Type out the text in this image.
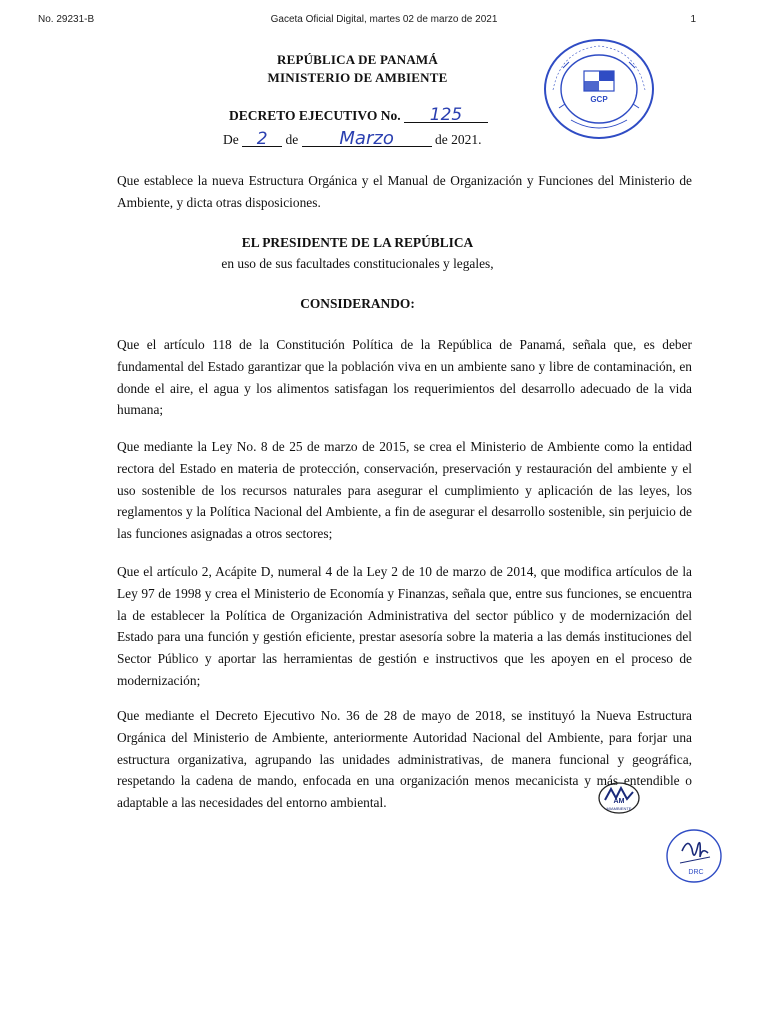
No. 29231-B	Gaceta Oficial Digital, martes 02 de marzo de 2021	1
REPÚBLICA DE PANAMÁ
MINISTERIO DE AMBIENTE
GCP
DECRETO EJECUTIVO No. 125
De 2 de Marzo	de 2021.
Que establece la nueva Estructura Orgánica y el Manual de Organización y Funciones del Ministerio de Ambiente, y dicta otras disposiciones.
EL PRESIDENTE DE LA REPÚBLICA
en uso de sus facultades constitucionales y legales,
CONSIDERANDO:
Que el artículo 118 de la Constitución Política de la República de Panamá, señala que, es deber fundamental del Estado garantizar que la población viva en un ambiente sano y libre de contaminación, en donde el aire, el agua y los alimentos satisfagan los requerimientos del desarrollo adecuado de la vida humana;
Que mediante la Ley No. 8 de 25 de marzo de 2015, se crea el Ministerio de Ambiente como la entidad rectora del Estado en materia de protección, conservación, preservación y restauración del ambiente y el uso sostenible de los recursos naturales para asegurar el cumplimiento y aplicación de las leyes, los reglamentos y la Política Nacional del Ambiente, a fin de asegurar el desarrollo sostenible, sin perjuicio de las funciones asignadas a otros sectores;
Que el artículo 2, Acápite D, numeral 4 de la Ley 2 de 10 de marzo de 2014, que modifica artículos de la Ley 97 de 1998 y crea el Ministerio de Economía y Finanzas, señala que, entre sus funciones, se encuentra la de establecer la Política de Organización Administrativa del sector público y de modernización del Estado para una función y gestión eficiente, prestar asesoría sobre la materia a las demás instituciones del Sector Público y aportar las herramientas de gestión e instructivos que les apoyen en el proceso de modernización;
Que mediante el Decreto Ejecutivo No. 36 de 28 de mayo de 2018, se instituyó la Nueva Estructura Orgánica del Ministerio de Ambiente, anteriormente Autoridad Nacional del Ambiente, para forjar una estructura organizativa, agrupando las unidades administrativas, de manera funcional y geográfica, respetando la cadena de mando, enfocada en una organización menos mecanicista y más entendible o adaptable a las necesidades del entorno ambiental.	AM
MIAMBIENTE
DRC
